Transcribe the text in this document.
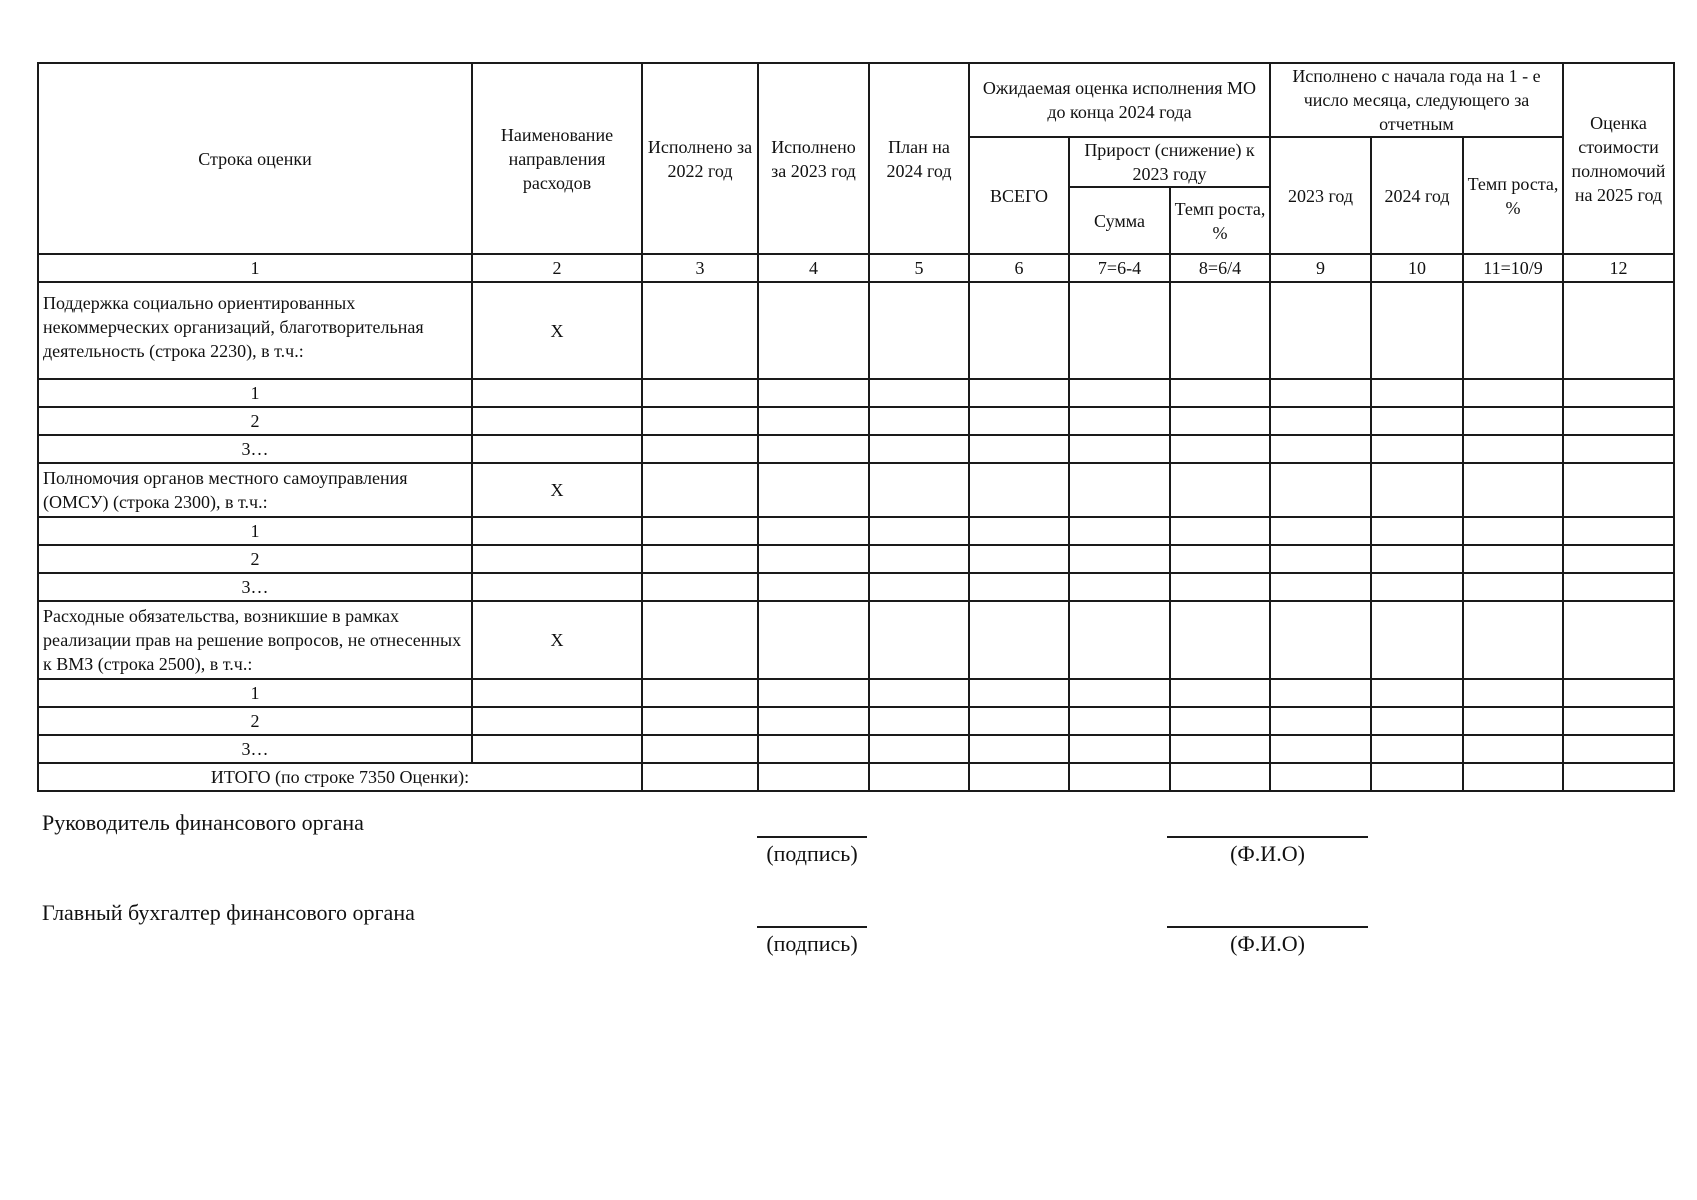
Строка оценки	Наименование направления расходов	Исполнено за 2022 год	Исполнено за 2023 год	План на 2024 год	Ожидаемая оценка исполнения МО до конца 2024 года			Исполнено с начала года на 1 - е число месяца, следующего за отчетным			Оценка стоимости полномочий на 2025 год
					ВСЕГО	Прирост (снижение) к 2023 году		2023 год	2024 год	Темп роста, %	
						Сумма	Темп роста, %				
1	2	3	4	5	6	7=6-4	8=6/4	9	10	11=10/9	12
Поддержка социально ориентированных некоммерческих организаций, благотворительная деятельность (строка 2230), в т.ч.:	X										
1											
2											
3…											
Полномочия органов местного самоуправления (ОМСУ) (строка 2300), в т.ч.:	X										
1											
2											
3…											
Расходные обязательства, возникшие в рамках реализации прав на решение вопросов, не отнесенных к ВМЗ (строка 2500), в т.ч.:	X										
1											
2											
3…											
ИТОГО (по строке 7350 Оценки):											
Руководитель финансового органа
(подпись)	(Ф.И.О)
Главный бухгалтер финансового органа
(подпись)	(Ф.И.О)
